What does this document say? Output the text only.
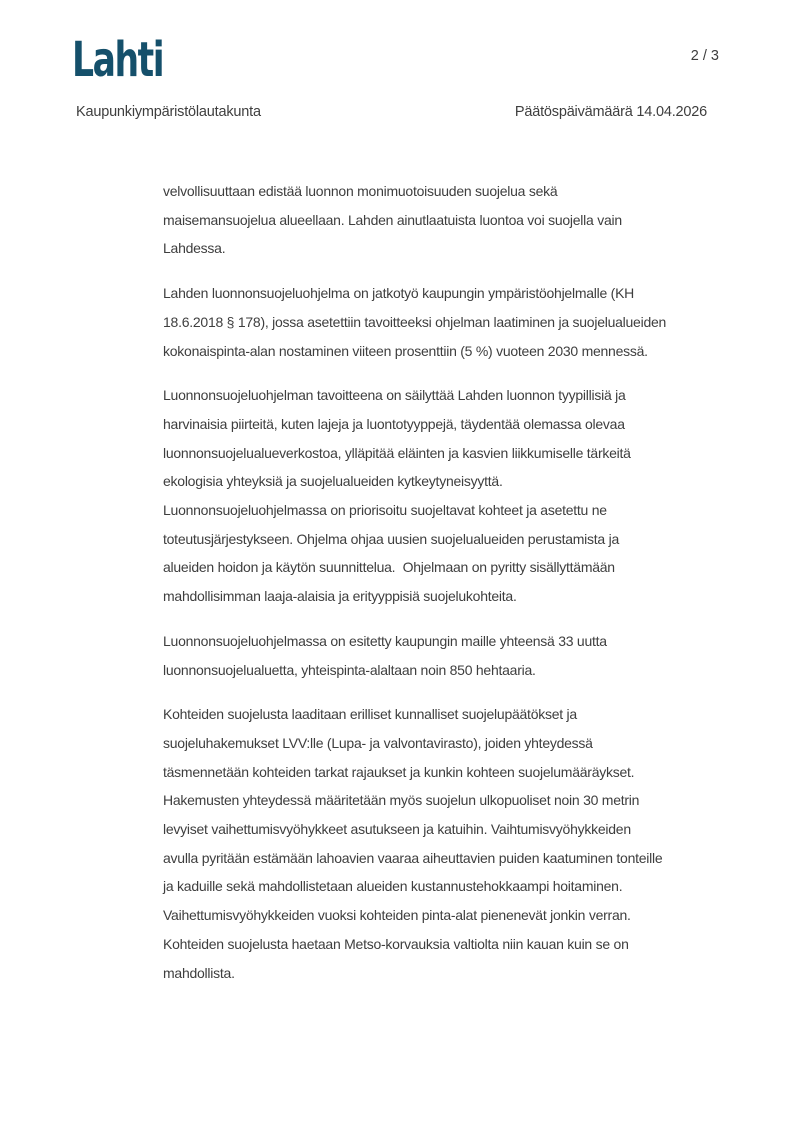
Lahti	2 / 3
Kaupunkiympäristölautakunta	Päätöspäivämäärä 14.04.2026
velvollisuuttaan edistää luonnon monimuotoisuuden suojelua sekä
maisemansuojelua alueellaan. Lahden ainutlaatuista luontoa voi suojella vain
Lahdessa.
Lahden luonnonsuojeluohjelma on jatkotyö kaupungin ympäristöohjelmalle (KH
18.6.2018 § 178), jossa asetettiin tavoitteeksi ohjelman laatiminen ja suojelualueiden
kokonaispinta-alan nostaminen viiteen prosenttiin (5 %) vuoteen 2030 mennessä.
Luonnonsuojeluohjelman tavoitteena on säilyttää Lahden luonnon tyypillisiä ja
harvinaisia piirteitä, kuten lajeja ja luontotyyppejä, täydentää olemassa olevaa
luonnonsuojelualueverkostoa, ylläpitää eläinten ja kasvien liikkumiselle tärkeitä
ekologisia yhteyksiä ja suojelualueiden kytkeytyneisyyttä.
Luonnonsuojeluohjelmassa on priorisoitu suojeltavat kohteet ja asetettu ne
toteutusjärjestykseen. Ohjelma ohjaa uusien suojelualueiden perustamista ja
alueiden hoidon ja käytön suunnittelua.  Ohjelmaan on pyritty sisällyttämään
mahdollisimman laaja-alaisia ja erityyppisiä suojelukohteita.
Luonnonsuojeluohjelmassa on esitetty kaupungin maille yhteensä 33 uutta
luonnonsuojelualuetta, yhteispinta-alaltaan noin 850 hehtaaria.
Kohteiden suojelusta laaditaan erilliset kunnalliset suojelupäätökset ja
suojeluhakemukset LVV:lle (Lupa- ja valvontavirasto), joiden yhteydessä
täsmennetään kohteiden tarkat rajaukset ja kunkin kohteen suojelumääräykset.
Hakemusten yhteydessä määritetään myös suojelun ulkopuoliset noin 30 metrin
levyiset vaihettumisvyöhykkeet asutukseen ja katuihin. Vaihtumisvyöhykkeiden
avulla pyritään estämään lahoavien vaaraa aiheuttavien puiden kaatuminen tonteille
ja kaduille sekä mahdollistetaan alueiden kustannustehokkaampi hoitaminen.
Vaihettumisvyöhykkeiden vuoksi kohteiden pinta-alat pienenevät jonkin verran.
Kohteiden suojelusta haetaan Metso-korvauksia valtiolta niin kauan kuin se on
mahdollista.
